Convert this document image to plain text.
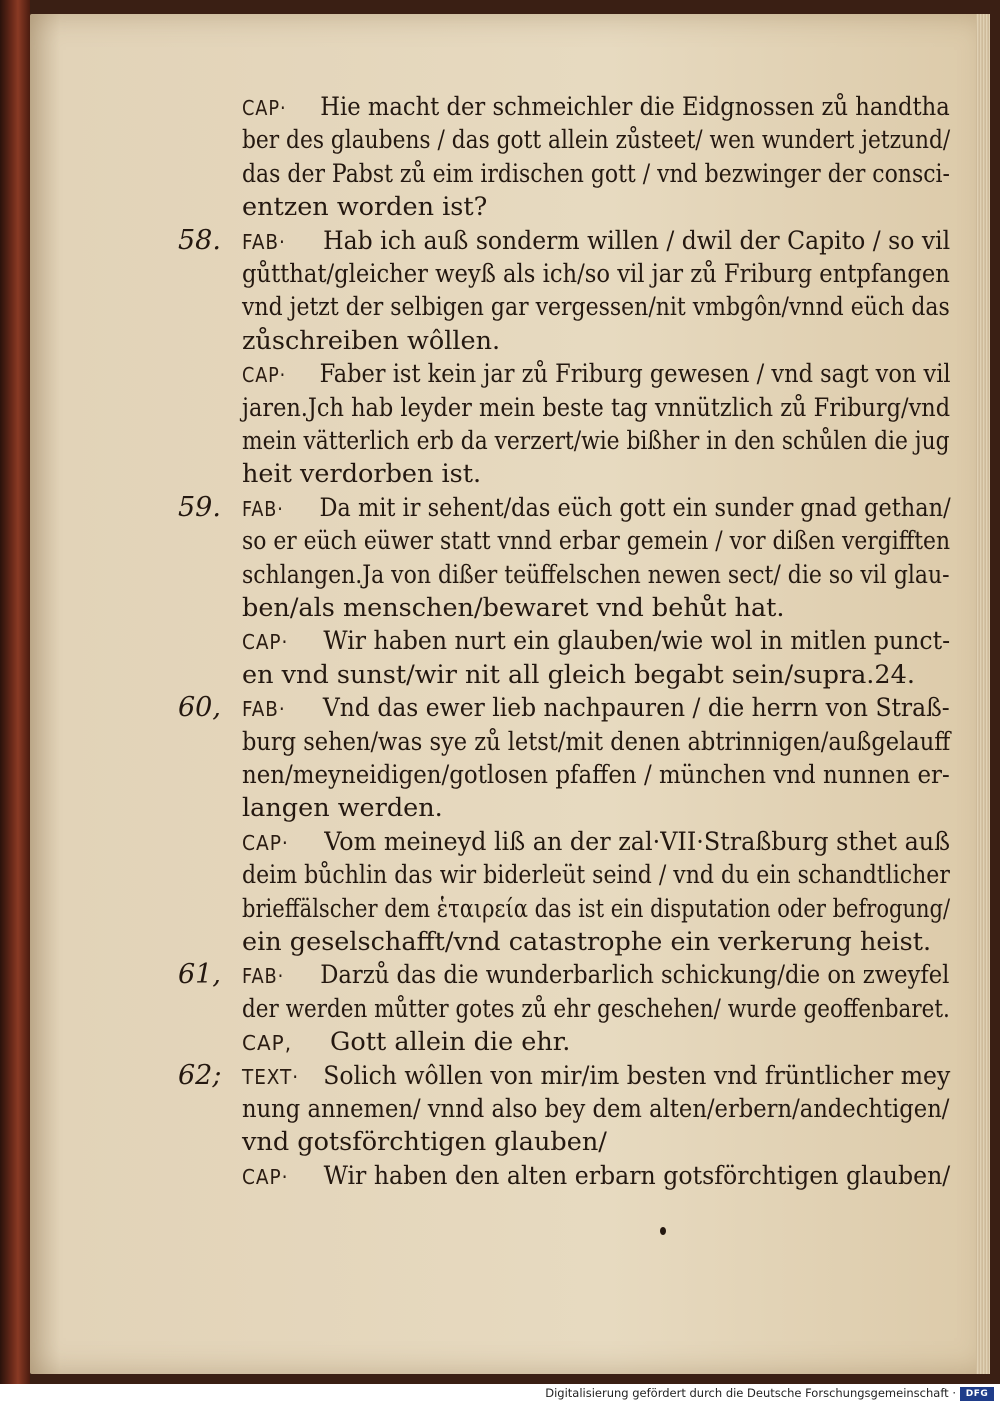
CAP· Hie macht der schmeichler die Eidgnossen zů handtha
ber des glaubens / das gott allein zůsteet/ wen wundert jetzund/
das der Pabst zů eim irdischen gott / vnd bezwinger der consci-
entzen worden ist?
58. FAB· Hab ich auß sonderm willen / dwil der Capito / so vil
gůtthat/gleicher weyß als ich/so vil jar zů Friburg entpfangen
vnd jetzt der selbigen gar vergessen/nit vmbgôn/vnnd eüch das
zůschreiben wôllen.
CAP· Faber ist kein jar zů Friburg gewesen / vnd sagt von vil
jaren.Jch hab leyder mein beste tag vnnützlich zů Friburg/vnd
mein vätterlich erb da verzert/wie bißher in den schůlen die jug
heit verdorben ist.
59. FAB· Da mit ir sehent/das eüch gott ein sunder gnad gethan/
so er eüch eüwer statt vnnd erbar gemein / vor dißen vergifften
schlangen.Ja von dißer teüffelschen newen sect/ die so vil glau-
ben/als menschen/bewaret vnd behůt hat.
CAP· Wir haben nurt ein glauben/wie wol in mitlen punct-
en vnd sunst/wir nit all gleich begabt sein/supra.24.
60, FAB· Vnd das ewer lieb nachpauren / die herrn von Straß-
burg sehen/was sye zů letst/mit denen abtrinnigen/außgelauff
nen/meyneidigen/gotlosen pfaffen / münchen vnd nunnen er-
langen werden.
CAP· Vom meineyd liß an der zal·VII·Straßburg sthet auß
deim bůchlin das wir biderleüt seind / vnd du ein schandtlicher
brieffälscher dem ἑταιρεία das ist ein disputation oder befrogung/
ein geselschafft/vnd catastrophe ein verkerung heist.
61, FAB· Darzů das die wunderbarlich schickung/die on zweyfel
der werden můtter gotes zů ehr geschehen/ wurde geoffenbaret.
CAP, Gott allein die ehr.
62; TEXT· Solich wôllen von mir/im besten vnd früntlicher mey
nung annemen/ vnnd also bey dem alten/erbern/andechtigen/
vnd gotsförchtigen glauben/
CAP· Wir haben den alten erbarn gotsförchtigen glauben/
Digitalisierung gefördert durch die Deutsche Forschungsgemeinschaft ·	DFG
